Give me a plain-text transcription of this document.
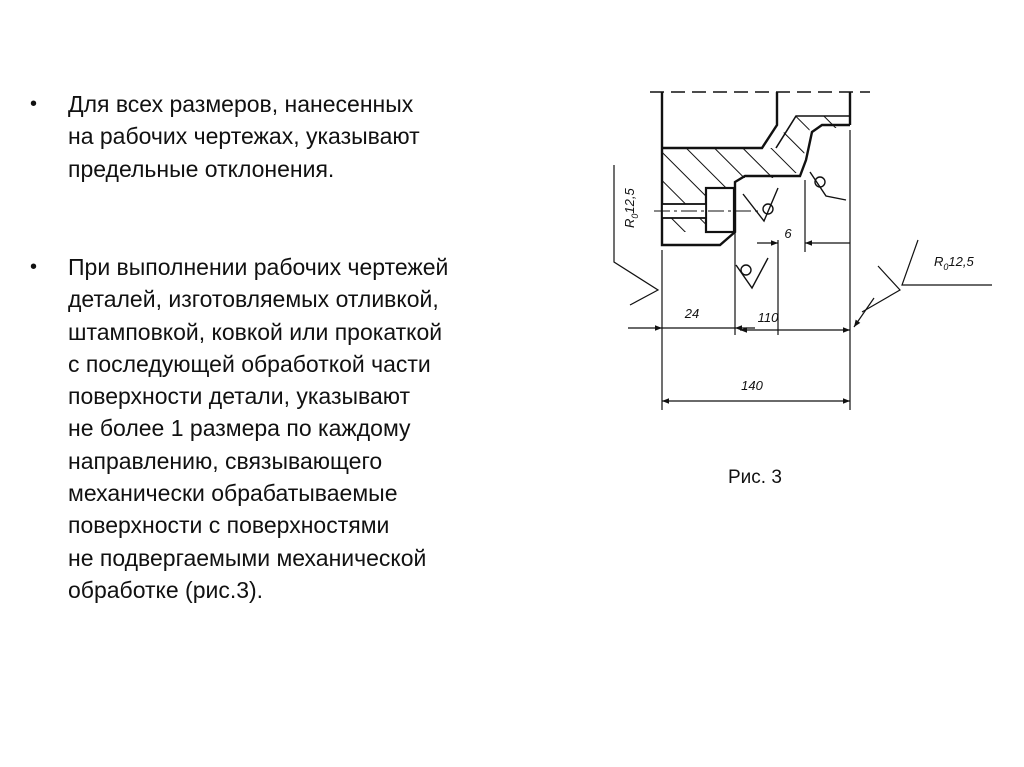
• Для всех размеров, нанесенных
на рабочих чертежах, указывают
предельные отклонения.
• При выполнении рабочих чертежей
деталей, изготовляемых отливкой,
штамповкой, ковкой или прокаткой
с последующей обработкой части
поверхности детали, указывают
не более 1 размера по каждому
направлению, связывающего
механически обрабатываемые
поверхности с поверхностями
не подвергаемыми механической
обработке (рис.3).
6
24	110
140
$R_012,5$
$R_012,5$
Рис. 3
